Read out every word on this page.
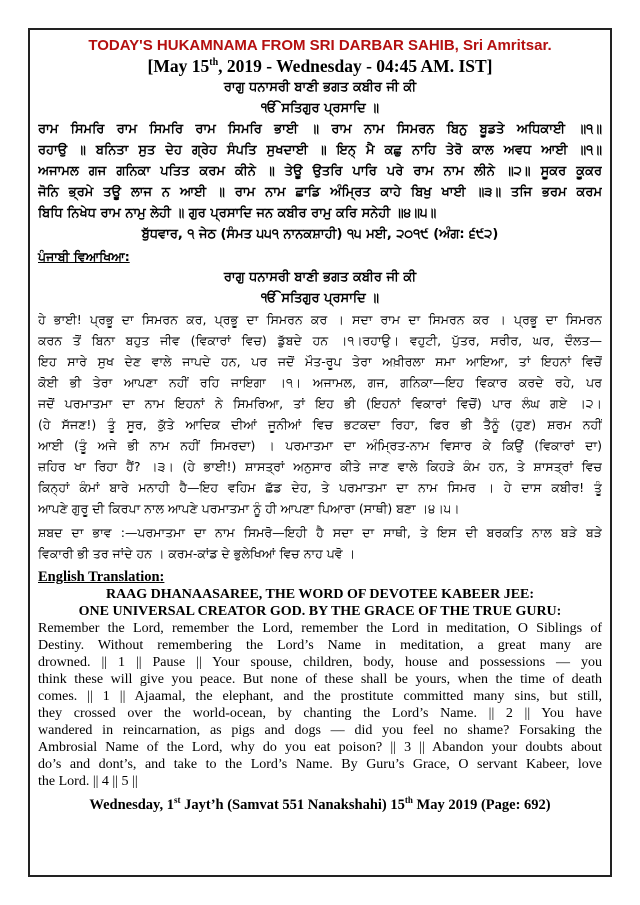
TODAY'S HUKAMNAMA FROM SRI DARBAR SAHIB, Sri Amritsar.
[May 15th, 2019 - Wednesday - 04:45 AM. IST]
ਰਾਗੁ ਧਨਾਸਰੀ ਬਾਣੀ ਭਗਤ ਕਬੀਰ ਜੀ ਕੀ
ੴ ਸਤਿਗੁਰ ਪ੍ਰਸਾਦਿ ॥
ਰਾਮ ਸਿਮਰਿ ਰਾਮ ਸਿਮਰਿ ਰਾਮ ਸਿਮਰਿ ਭਾਈ ॥ ਰਾਮ ਨਾਮ ਸਿਮਰਨ ਬਿਨੁ ਬੂਡਤੇ ਅਧਿਕਾਈ ॥੧॥
ਰਹਾਉ ॥ ਬਨਿਤਾ ਸੁਤ ਦੇਹ ਗ੍ਰੇਹ ਸੰਪਤਿ ਸੁਖਦਾਈ ॥ ਇਨ੍ ਮੈ ਕਛੁ ਨਾਹਿ ਤੇਰੋ ਕਾਲ ਅਵਧ ਆਈ ॥੧॥
ਅਜਾਮਲ ਗਜ ਗਨਿਕਾ ਪਤਿਤ ਕਰਮ ਕੀਨੇ ॥ ਤੇਊ ਉਤਰਿ ਪਾਰਿ ਪਰੇ ਰਾਮ ਨਾਮ ਲੀਨੇ ॥੨॥ ਸੂਕਰ ਕੂਕਰ
ਜੋਨਿ ਭ੍ਰਮੇ ਤਊ ਲਾਜ ਨ ਆਈ ॥ ਰਾਮ ਨਾਮ ਛਾਡਿ ਅੰਮ੍ਰਿਤ ਕਾਹੇ ਬਿਖੁ ਖਾਈ ॥੩॥ ਤਜਿ ਭਰਮ ਕਰਮ
ਬਿਧਿ ਨਿਖੇਧ ਰਾਮ ਨਾਮੁ ਲੇਹੀ ॥ ਗੁਰ ਪ੍ਰਸਾਦਿ ਜਨ ਕਬੀਰ ਰਾਮੁ ਕਰਿ ਸਨੇਹੀ ॥੪॥੫॥
ਬੁੱਧਵਾਰ, ੧ ਜੇਠ (ਸੰਮਤ ੫੫੧ ਨਾਨਕਸ਼ਾਹੀ) ੧੫ ਮਈ, ੨੦੧੯ (ਅੰਗ: ੬੯੨)
ਪੰਜਾਬੀ ਵਿਆਖਿਆ:
ਰਾਗੁ ਧਨਾਸਰੀ ਬਾਣੀ ਭਗਤ ਕਬੀਰ ਜੀ ਕੀ
ੴ ਸਤਿਗੁਰ ਪ੍ਰਸਾਦਿ ॥
ਹੇ ਭਾਈ! ਪ੍ਰਭੂ ਦਾ ਸਿਮਰਨ ਕਰ, ਪ੍ਰਭੂ ਦਾ ਸਿਮਰਨ ਕਰ । ਸਦਾ ਰਾਮ ਦਾ ਸਿਮਰਨ ਕਰ । ਪ੍ਰਭੂ ਦਾ ਸਿਮਰਨ
ਕਰਨ ਤੋਂ ਬਿਨਾ ਬਹੁਤ ਜੀਵ (ਵਿਕਾਰਾਂ ਵਿਚ) ਡੁੱਬਦੇ ਹਨ ।੧।ਰਹਾਉ। ਵਹੁਟੀ, ਪੁੱਤਰ, ਸਰੀਰ, ਘਰ, ਦੌਲਤ—
ਇਹ ਸਾਰੇ ਸੁਖ ਦੇਣ ਵਾਲੇ ਜਾਪਦੇ ਹਨ, ਪਰ ਜਦੋਂ ਮੌਤ-ਰੂਪ ਤੇਰਾ ਅਖ਼ੀਰਲਾ ਸਮਾ ਆਇਆ, ਤਾਂ ਇਹਨਾਂ ਵਿਚੋਂ
ਕੋਈ ਭੀ ਤੇਰਾ ਆਪਣਾ ਨਹੀਂ ਰਹਿ ਜਾਇਗਾ ।੧। ਅਜਾਮਲ, ਗਜ, ਗਨਿਕਾ—ਇਹ ਵਿਕਾਰ ਕਰਦੇ ਰਹੇ, ਪਰ
ਜਦੋਂ ਪਰਮਾਤਮਾ ਦਾ ਨਾਮ ਇਹਨਾਂ ਨੇ ਸਿਮਰਿਆ, ਤਾਂ ਇਹ ਭੀ (ਇਹਨਾਂ ਵਿਕਾਰਾਂ ਵਿਚੋਂ) ਪਾਰ ਲੰਘ ਗਏ ।੨।
(ਹੇ ਸੱਜਣ!) ਤੂੰ ਸੂਰ, ਕੁੱਤੇ ਆਦਿਕ ਦੀਆਂ ਜੂਨੀਆਂ ਵਿਚ ਭਟਕਦਾ ਰਿਹਾ, ਫਿਰ ਭੀ ਤੈਨੂੰ (ਹੁਣ) ਸ਼ਰਮ ਨਹੀਂ
ਆਈ (ਤੂੰ ਅਜੇ ਭੀ ਨਾਮ ਨਹੀਂ ਸਿਮਰਦਾ) । ਪਰਮਾਤਮਾ ਦਾ ਅੰਮ੍ਰਿਤ-ਨਾਮ ਵਿਸਾਰ ਕੇ ਕਿਉਂ (ਵਿਕਾਰਾਂ ਦਾ)
ਜ਼ਹਿਰ ਖਾ ਰਿਹਾ ਹੈਂ? ।੩। (ਹੇ ਭਾਈ!) ਸ਼ਾਸਤ੍ਰਾਂ ਅਨੁਸਾਰ ਕੀਤੇ ਜਾਣ ਵਾਲੇ ਕਿਹੜੇ ਕੰਮ ਹਨ, ਤੇ ਸ਼ਾਸਤ੍ਰਾਂ ਵਿਚ
ਕਿਨ੍ਹਾਂ ਕੰਮਾਂ ਬਾਰੇ ਮਨਾਹੀ ਹੈ—ਇਹ ਵਹਿਮ ਛੱਡ ਦੇਹ, ਤੇ ਪਰਮਾਤਮਾ ਦਾ ਨਾਮ ਸਿਮਰ । ਹੇ ਦਾਸ ਕਬੀਰ! ਤੂੰ
ਆਪਣੇ ਗੁਰੂ ਦੀ ਕਿਰਪਾ ਨਾਲ ਆਪਣੇ ਪਰਮਾਤਮਾ ਨੂੰ ਹੀ ਆਪਣਾ ਪਿਆਰਾ (ਸਾਥੀ) ਬਣਾ ।੪।੫।
ਸ਼ਬਦ ਦਾ ਭਾਵ :—ਪਰਮਾਤਮਾ ਦਾ ਨਾਮ ਸਿਮਰੋ—ਇਹੀ ਹੈ ਸਦਾ ਦਾ ਸਾਥੀ, ਤੇ ਇਸ ਦੀ ਬਰਕਤਿ ਨਾਲ ਬੜੇ ਬੜੇ
ਵਿਕਾਰੀ ਭੀ ਤਰ ਜਾਂਦੇ ਹਨ । ਕਰਮ-ਕਾਂਡ ਦੇ ਭੁਲੇਖਿਆਂ ਵਿਚ ਨਾਹ ਪਵੋ ।
English Translation:
RAAG DHANAASAREE, THE WORD OF DEVOTEE KABEER JEE:
ONE UNIVERSAL CREATOR GOD. BY THE GRACE OF THE TRUE GURU:
Remember the Lord, remember the Lord, remember the Lord in meditation, O Siblings of
Destiny. Without remembering the Lord’s Name in meditation, a great many are
drowned. || 1 || Pause || Your spouse, children, body, house and possessions — you
think these will give you peace. But none of these shall be yours, when the time of death
comes. || 1 || Ajaamal, the elephant, and the prostitute committed many sins, but still,
they crossed over the world-ocean, by chanting the Lord’s Name. || 2 || You have
wandered in reincarnation, as pigs and dogs — did you feel no shame? Forsaking the
Ambrosial Name of the Lord, why do you eat poison? || 3 || Abandon your doubts about
do’s and dont’s, and take to the Lord’s Name. By Guru’s Grace, O servant Kabeer, love
the Lord. || 4 || 5 ||
Wednesday, 1st Jayt’h (Samvat 551 Nanakshahi) 15th May 2019 (Page: 692)
